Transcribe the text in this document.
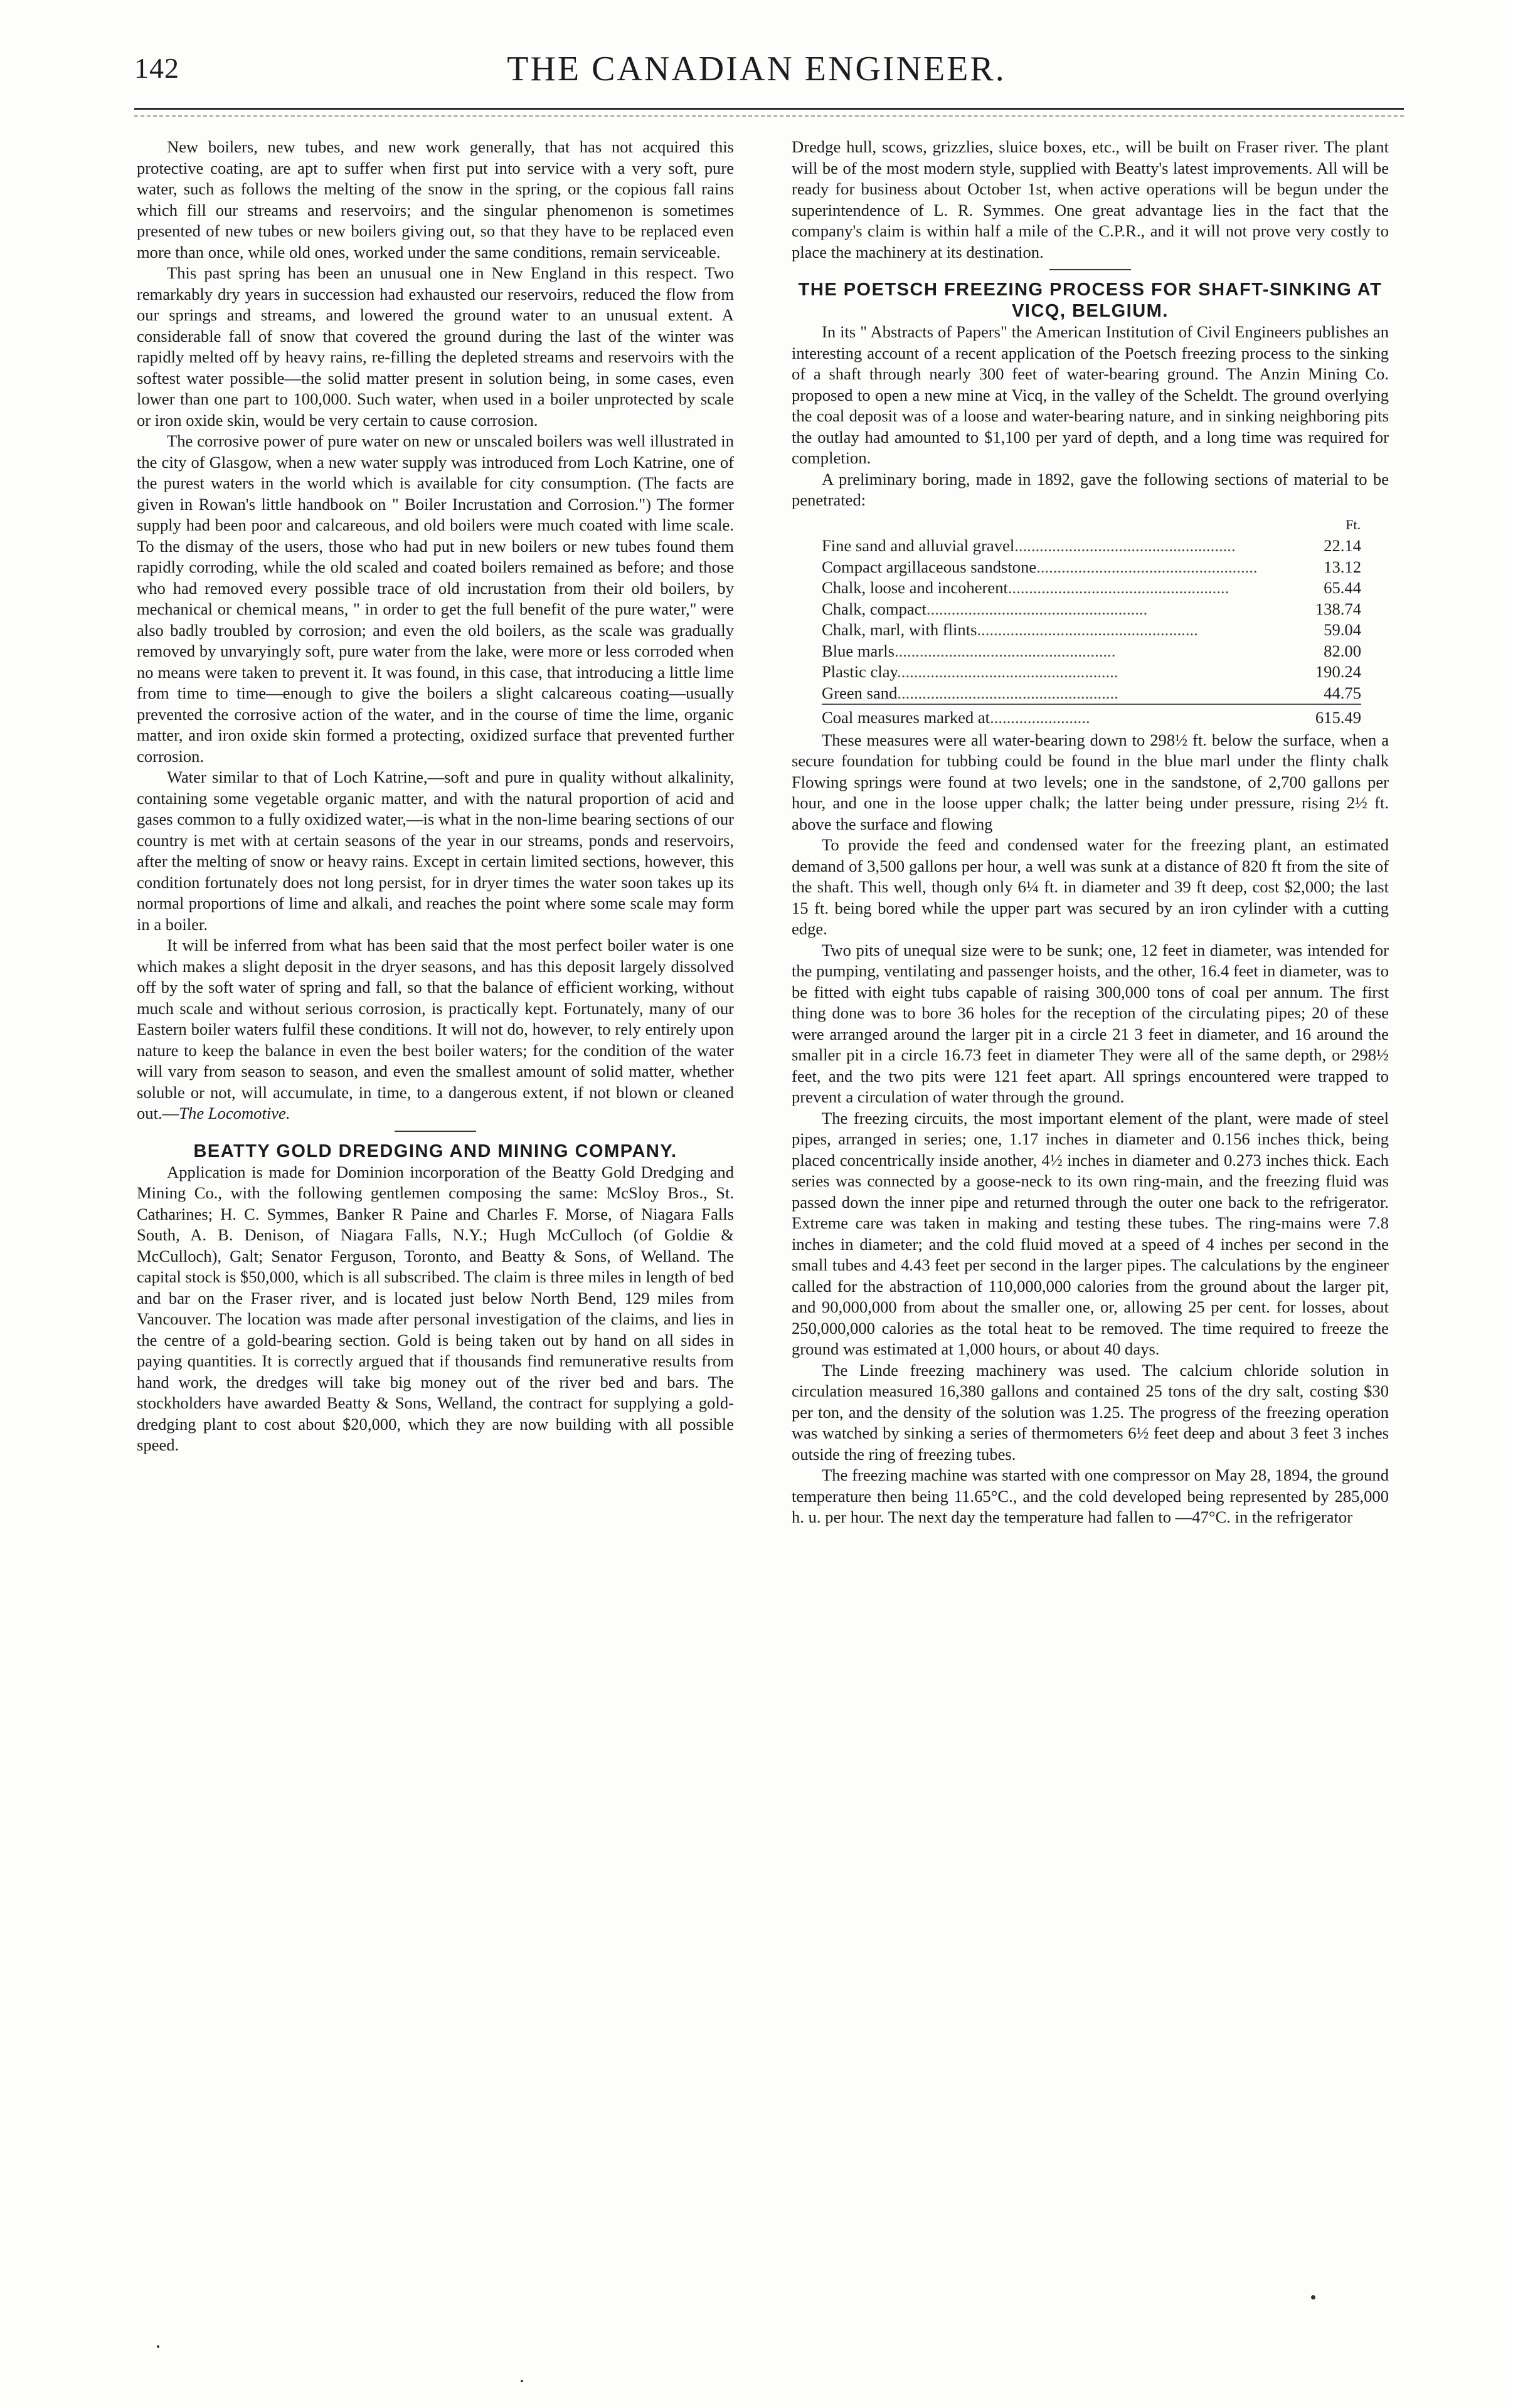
142	THE CANADIAN ENGINEER.

New boilers, new tubes, and new work generally, that has not acquired this protective coating, are apt to suffer when first put into service with a very soft, pure water, such as follows the melting of the snow in the spring, or the copious fall rains which fill our streams and reservoirs; and the singular phenomenon is sometimes presented of new tubes or new boilers giving out, so that they have to be replaced even more than once, while old ones, worked under the same conditions, remain serviceable.

This past spring has been an unusual one in New England in this respect. Two remarkably dry years in succession had exhausted our reservoirs, reduced the flow from our springs and streams, and lowered the ground water to an unusual extent. A considerable fall of snow that covered the ground during the last of the winter was rapidly melted off by heavy rains, re-filling the depleted streams and reservoirs with the softest water possible—the solid matter present in solution being, in some cases, even lower than one part to 100,000. Such water, when used in a boiler unprotected by scale or iron oxide skin, would be very certain to cause corrosion.

The corrosive power of pure water on new or unscaled boilers was well illustrated in the city of Glasgow, when a new water supply was introduced from Loch Katrine, one of the purest waters in the world which is available for city consumption. (The facts are given in Rowan's little handbook on " Boiler Incrustation and Corrosion.") The former supply had been poor and calcareous, and old boilers were much coated with lime scale. To the dismay of the users, those who had put in new boilers or new tubes found them rapidly corroding, while the old scaled and coated boilers remained as before; and those who had removed every possible trace of old incrustation from their old boilers, by mechanical or chemical means, " in order to get the full benefit of the pure water," were also badly troubled by corrosion; and even the old boilers, as the scale was gradually removed by unvaryingly soft, pure water from the lake, were more or less corroded when no means were taken to prevent it. It was found, in this case, that introducing a little lime from time to time—enough to give the boilers a slight calcareous coating—usually prevented the corrosive action of the water, and in the course of time the lime, organic matter, and iron oxide skin formed a protecting, oxidized surface that prevented further corrosion.

Water similar to that of Loch Katrine,—soft and pure in quality without alkalinity, containing some vegetable organic matter, and with the natural proportion of acid and gases common to a fully oxidized water,—is what in the non-lime bearing sections of our country is met with at certain seasons of the year in our streams, ponds and reservoirs, after the melting of snow or heavy rains. Except in certain limited sections, however, this condition fortunately does not long persist, for in dryer times the water soon takes up its normal proportions of lime and alkali, and reaches the point where some scale may form in a boiler.

It will be inferred from what has been said that the most perfect boiler water is one which makes a slight deposit in the dryer seasons, and has this deposit largely dissolved off by the soft water of spring and fall, so that the balance of efficient working, without much scale and without serious corrosion, is practically kept. Fortunately, many of our Eastern boiler waters fulfil these conditions. It will not do, however, to rely entirely upon nature to keep the balance in even the best boiler waters; for the condition of the water will vary from season to season, and even the smallest amount of solid matter, whether soluble or not, will accumulate, in time, to a dangerous extent, if not blown or cleaned out.—The Locomotive.

BEATTY GOLD DREDGING AND MINING COMPANY.

Application is made for Dominion incorporation of the Beatty Gold Dredging and Mining Co., with the following gentlemen composing the same: McSloy Bros., St. Catharines; H. C. Symmes, Banker R Paine and Charles F. Morse, of Niagara Falls South, A. B. Denison, of Niagara Falls, N.Y.; Hugh McCulloch (of Goldie & McCulloch), Galt; Senator Ferguson, Toronto, and Beatty & Sons, of Welland. The capital stock is $50,000, which is all subscribed. The claim is three miles in length of bed and bar on the Fraser river, and is located just below North Bend, 129 miles from Vancouver. The location was made after personal investigation of the claims, and lies in the centre of a gold-bearing section. Gold is being taken out by hand on all sides in paying quantities. It is correctly argued that if thousands find remunerative results from hand work, the dredges will take big money out of the river bed and bars. The stockholders have awarded Beatty & Sons, Welland, the contract for supplying a gold-dredging plant to cost about $20,000, which they are now building with all possible speed.

Dredge hull, scows, grizzlies, sluice boxes, etc., will be built on Fraser river. The plant will be of the most modern style, supplied with Beatty's latest improvements. All will be ready for business about October 1st, when active operations will be begun under the superintendence of L. R. Symmes. One great advantage lies in the fact that the company's claim is within half a mile of the C.P.R., and it will not prove very costly to place the machinery at its destination.

THE POETSCH FREEZING PROCESS FOR SHAFT-SINKING AT VICQ, BELGIUM.

In its " Abstracts of Papers" the American Institution of Civil Engineers publishes an interesting account of a recent application of the Poetsch freezing process to the sinking of a shaft through nearly 300 feet of water-bearing ground. The Anzin Mining Co. proposed to open a new mine at Vicq, in the valley of the Scheldt. The ground overlying the coal deposit was of a loose and water-bearing nature, and in sinking neighboring pits the outlay had amounted to $1,100 per yard of depth, and a long time was required for completion.

A preliminary boring, made in 1892, gave the following sections of material to be penetrated:

	Ft.
Fine sand and alluvial gravel.....................................................	22.14
Compact argillaceous sandstone.....................................................	13.12
Chalk, loose and incoherent.....................................................	65.44
Chalk, compact.....................................................	138.74
Chalk, marl, with flints.....................................................	59.04
Blue marls.....................................................	82.00
Plastic clay.....................................................	190.24
Green sand.....................................................	44.75
Coal measures marked at........................	615.49

These measures were all water-bearing down to 298½ ft. below the surface, when a secure foundation for tubbing could be found in the blue marl under the flinty chalk Flowing springs were found at two levels; one in the sandstone, of 2,700 gallons per hour, and one in the loose upper chalk; the latter being under pressure, rising 2½ ft. above the surface and flowing

To provide the feed and condensed water for the freezing plant, an estimated demand of 3,500 gallons per hour, a well was sunk at a distance of 820 ft from the site of the shaft. This well, though only 6¼ ft. in diameter and 39 ft deep, cost $2,000; the last 15 ft. being bored while the upper part was secured by an iron cylinder with a cutting edge.

Two pits of unequal size were to be sunk; one, 12 feet in diameter, was intended for the pumping, ventilating and passenger hoists, and the other, 16.4 feet in diameter, was to be fitted with eight tubs capable of raising 300,000 tons of coal per annum. The first thing done was to bore 36 holes for the reception of the circulating pipes; 20 of these were arranged around the larger pit in a circle 21 3 feet in diameter, and 16 around the smaller pit in a circle 16.73 feet in diameter They were all of the same depth, or 298½ feet, and the two pits were 121 feet apart. All springs encountered were trapped to prevent a circulation of water through the ground.

The freezing circuits, the most important element of the plant, were made of steel pipes, arranged in series; one, 1.17 inches in diameter and 0.156 inches thick, being placed concentrically inside another, 4½ inches in diameter and 0.273 inches thick. Each series was connected by a goose-neck to its own ring-main, and the freezing fluid was passed down the inner pipe and returned through the outer one back to the refrigerator. Extreme care was taken in making and testing these tubes. The ring-mains were 7.8 inches in diameter; and the cold fluid moved at a speed of 4 inches per second in the small tubes and 4.43 feet per second in the larger pipes. The calculations by the engineer called for the abstraction of 110,000,000 calories from the ground about the larger pit, and 90,000,000 from about the smaller one, or, allowing 25 per cent. for losses, about 250,000,000 calories as the total heat to be removed. The time required to freeze the ground was estimated at 1,000 hours, or about 40 days.

The Linde freezing machinery was used. The calcium chloride solution in circulation measured 16,380 gallons and contained 25 tons of the dry salt, costing $30 per ton, and the density of the solution was 1.25. The progress of the freezing operation was watched by sinking a series of thermometers 6½ feet deep and about 3 feet 3 inches outside the ring of freezing tubes.

The freezing machine was started with one compressor on May 28, 1894, the ground temperature then being 11.65°C., and the cold developed being represented by 285,000 h. u. per hour. The next day the temperature had fallen to —47°C. in the refrigerator
